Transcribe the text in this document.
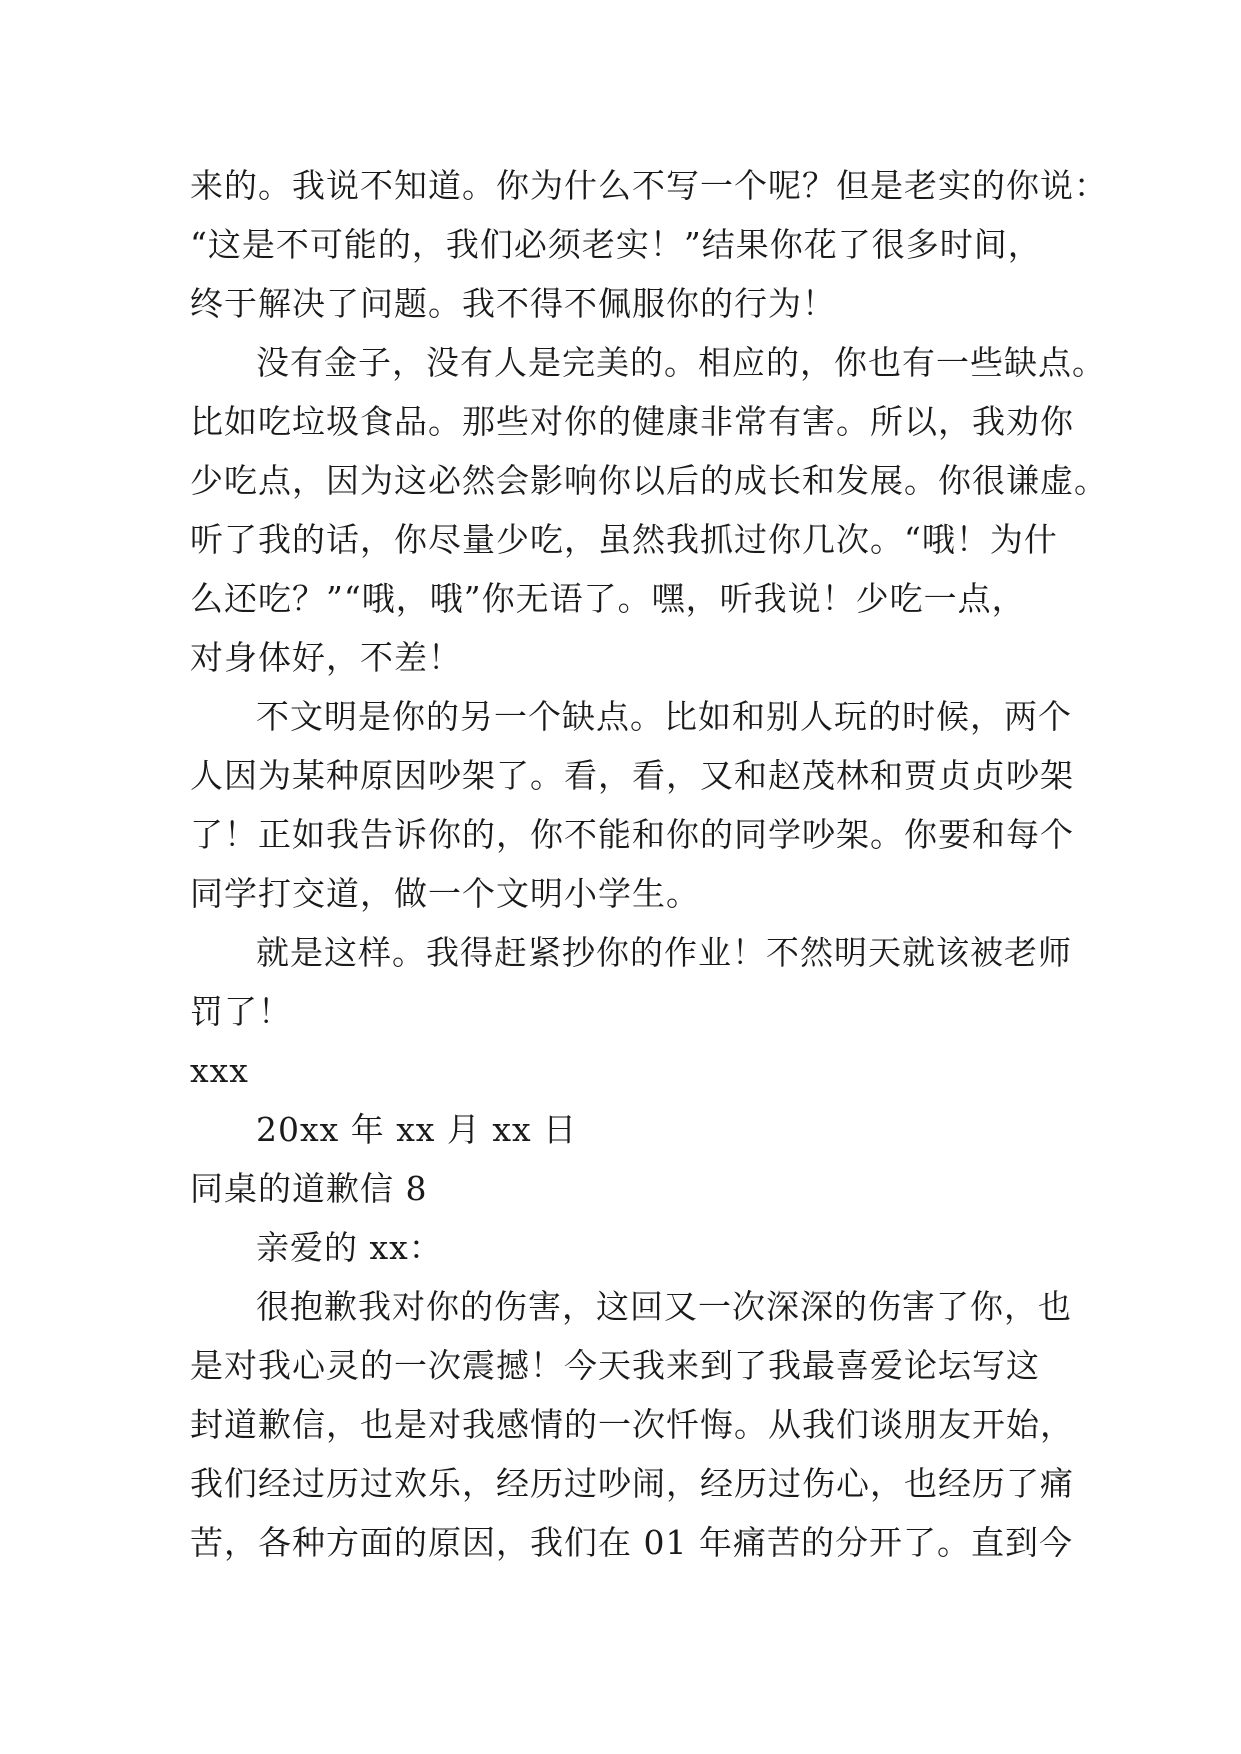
来的。我说不知道。你为什么不写一个呢？但是老实的你说：
“这是不可能的，我们必须老实！”结果你花了很多时间，
终于解决了问题。我不得不佩服你的行为！

没有金子，没有人是完美的。相应的，你也有一些缺点。
比如吃垃圾食品。那些对你的健康非常有害。所以，我劝你
少吃点，因为这必然会影响你以后的成长和发展。你很谦虚。
听了我的话，你尽量少吃，虽然我抓过你几次。“哦！为什
么还吃？”“哦，哦”你无语了。嘿，听我说！少吃一点，
对身体好，不差！

不文明是你的另一个缺点。比如和别人玩的时候，两个
人因为某种原因吵架了。看，看，又和赵茂林和贾贞贞吵架
了！正如我告诉你的，你不能和你的同学吵架。你要和每个
同学打交道，做一个文明小学生。

就是这样。我得赶紧抄你的作业！不然明天就该被老师
罚了！

xxx

20xx 年 xx 月 xx 日

同桌的道歉信 8

亲爱的 xx：

很抱歉我对你的伤害，这回又一次深深的伤害了你，也
是对我心灵的一次震撼！今天我来到了我最喜爱论坛写这
封道歉信，也是对我感情的一次忏悔。从我们谈朋友开始，
我们经过历过欢乐，经历过吵闹，经历过伤心，也经历了痛
苦，各种方面的原因，我们在 01 年痛苦的分开了。直到今
